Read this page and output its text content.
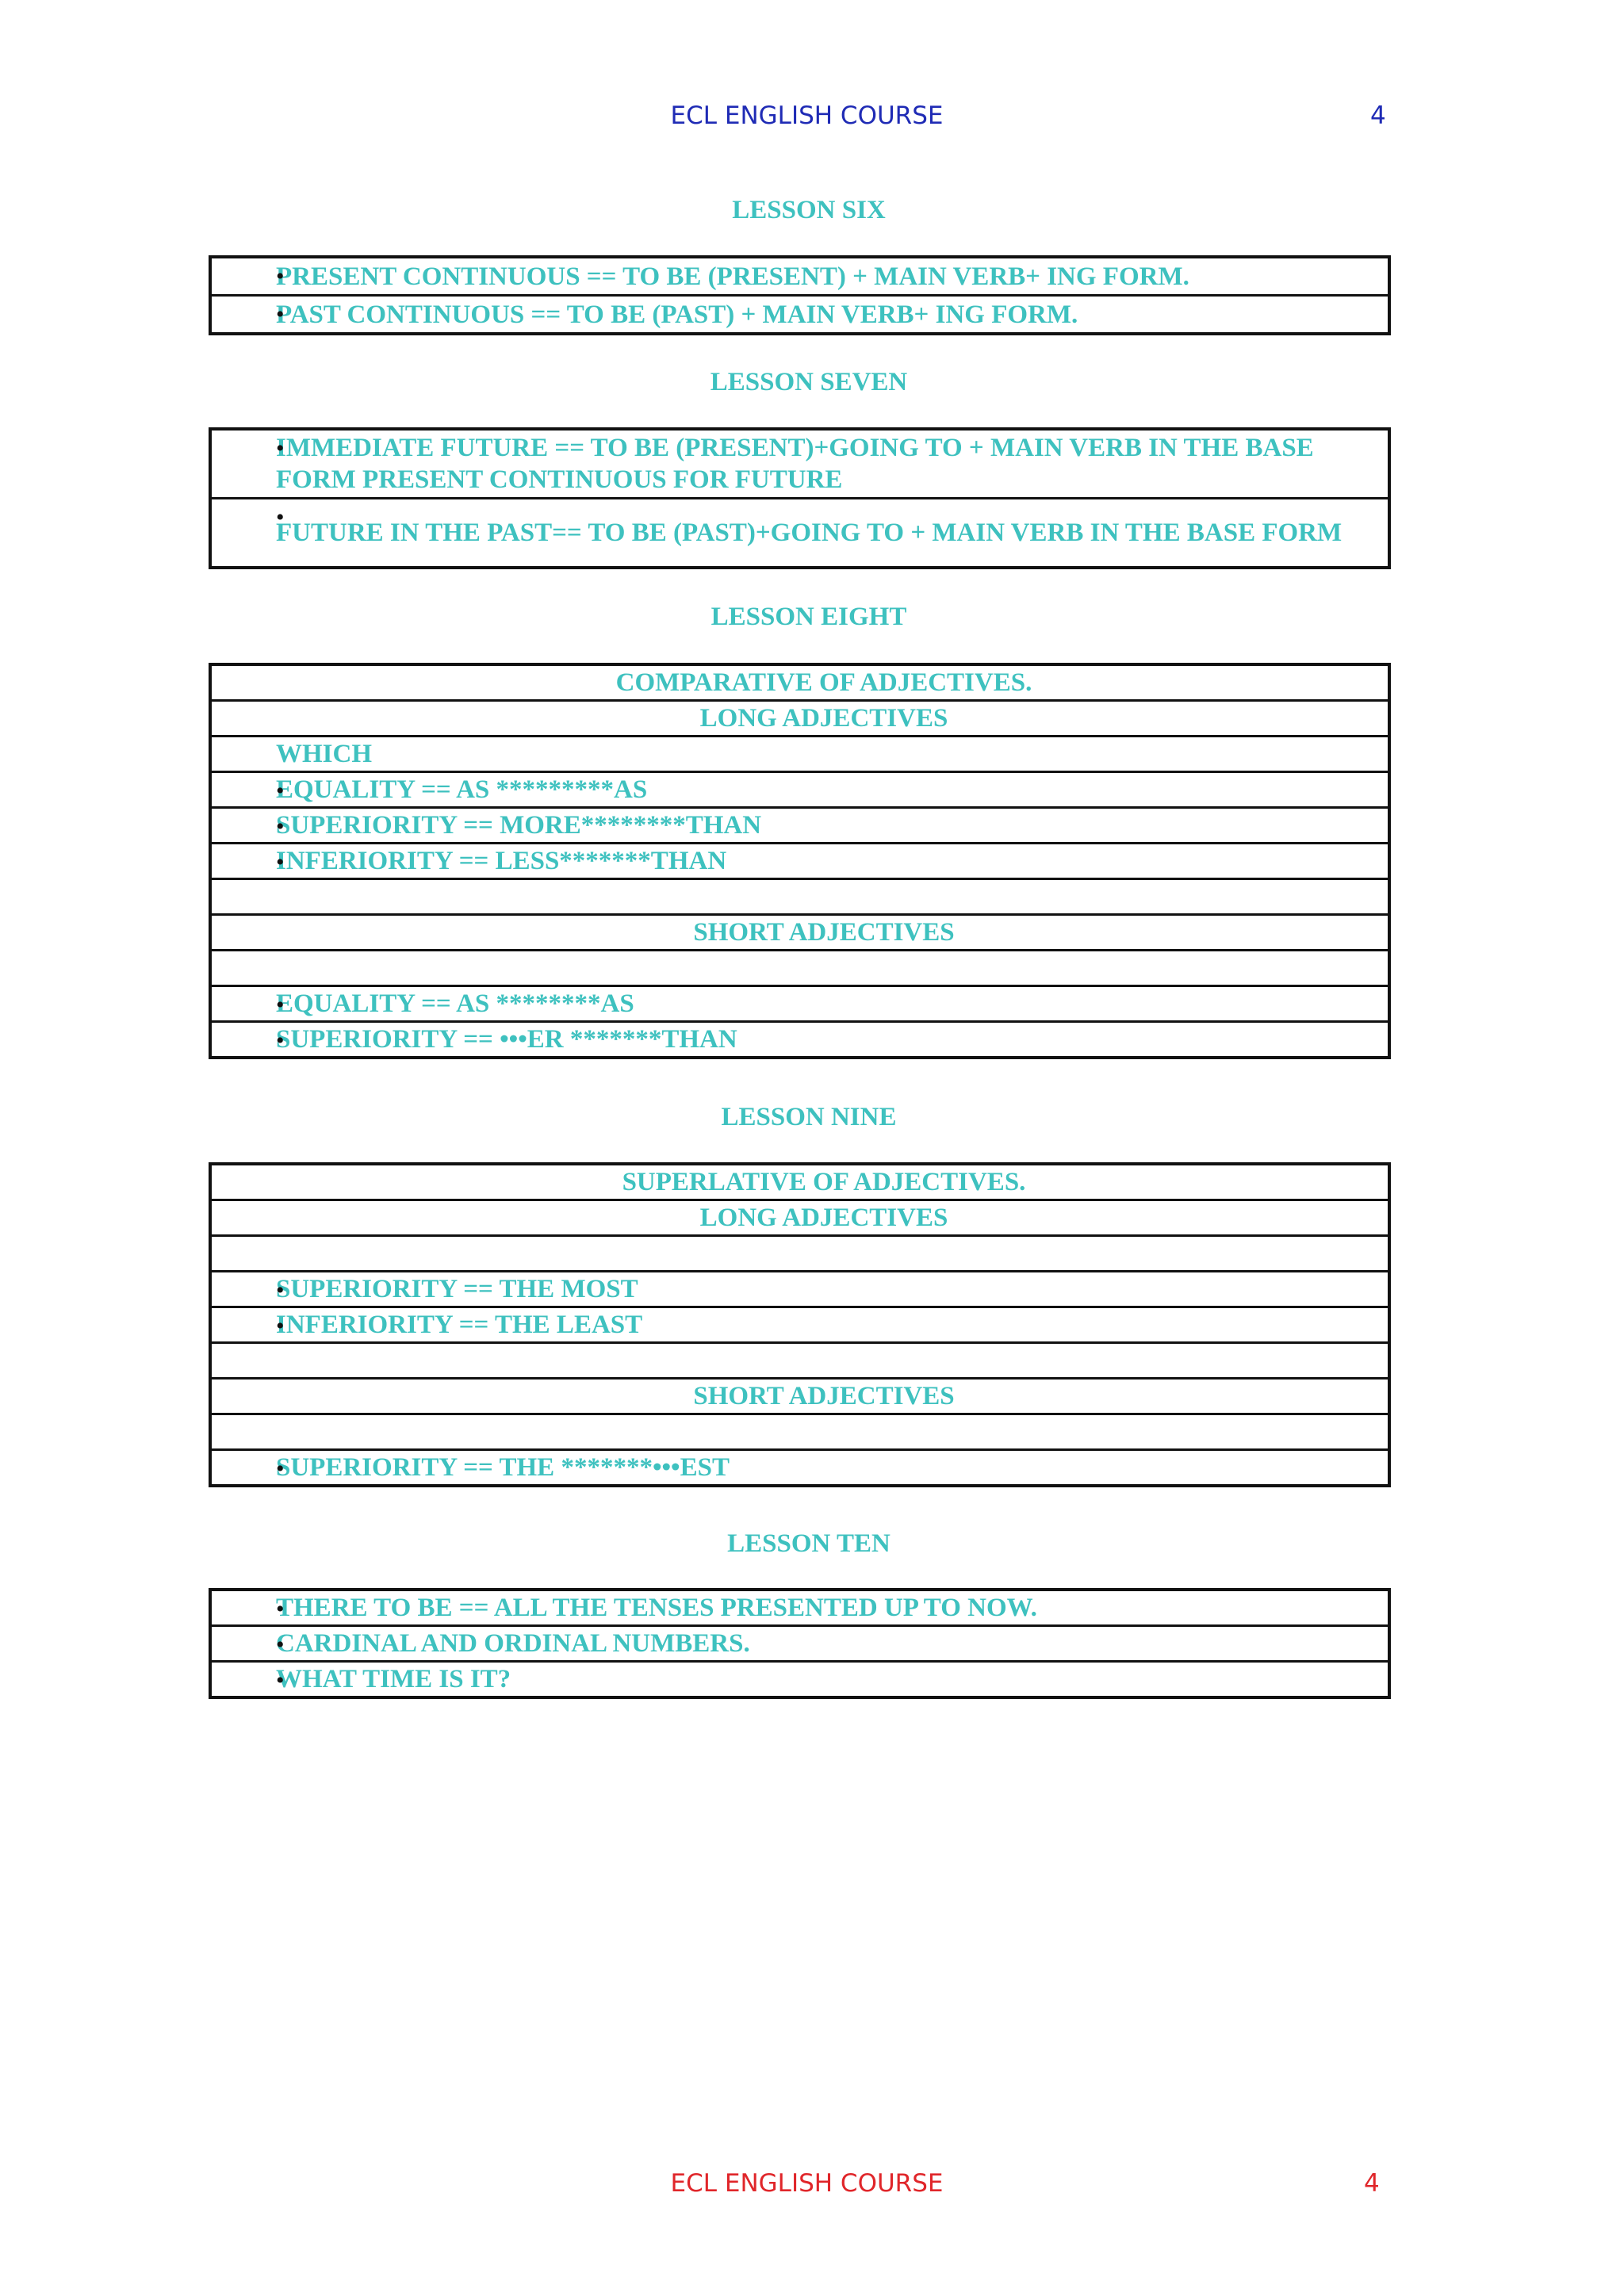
ECL ENGLISH COURSE	4
LESSON SIX
• PRESENT CONTINUOUS == TO BE (PRESENT) + MAIN VERB+ ING FORM.
• PAST CONTINUOUS == TO BE (PAST) + MAIN VERB+ ING FORM.
LESSON SEVEN
• IMMEDIATE FUTURE == TO BE (PRESENT)+GOING TO + MAIN VERB IN THE BASE FORM PRESENT CONTINUOUS FOR FUTURE
• FUTURE IN THE PAST== TO BE (PAST)+GOING TO + MAIN VERB IN THE BASE FORM
LESSON EIGHT
COMPARATIVE OF ADJECTIVES.
LONG ADJECTIVES
WHICH
• EQUALITY == AS *********AS
• SUPERIORITY == MORE********THAN
• INFERIORITY == LESS*******THAN

SHORT ADJECTIVES

• EQUALITY == AS ********AS
• SUPERIORITY == •••ER *******THAN
LESSON NINE
SUPERLATIVE OF ADJECTIVES.
LONG ADJECTIVES

• SUPERIORITY == THE MOST
• INFERIORITY == THE LEAST

SHORT ADJECTIVES

• SUPERIORITY == THE *******•••EST
LESSON TEN
• THERE TO BE == ALL THE TENSES PRESENTED UP TO NOW.
• CARDINAL AND ORDINAL NUMBERS.
• WHAT TIME IS IT?
ECL ENGLISH COURSE	4
